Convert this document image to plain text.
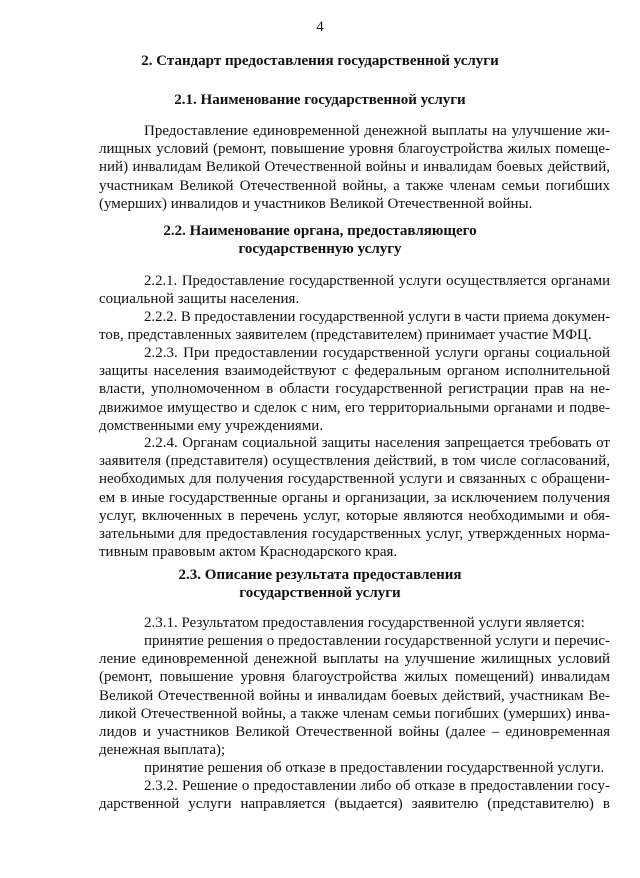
4
2. Стандарт предоставления государственной услуги
2.1. Наименование государственной услуги
Предоставление единовременной денежной выплаты на улучшение жи-
лищных условий (ремонт, повышение уровня благоустройства жилых помеще-
ний) инвалидам Великой Отечественной войны и инвалидам боевых действий,
участникам Великой Отечественной войны, а также членам семьи погибших
(умерших) инвалидов и участников Великой Отечественной войны.
2.2. Наименование органа, предоставляющего
государственную услугу
2.2.1. Предоставление государственной услуги осуществляется органами
социальной защиты населения.
2.2.2. В предоставлении государственной услуги в части приема докумен-
тов, представленных заявителем (представителем) принимает участие МФЦ.
2.2.3. При предоставлении государственной услуги органы социальной
защиты населения взаимодействуют с федеральным органом исполнительной
власти, уполномоченном в области государственной регистрации прав на не-
движимое имущество и сделок с ним, его территориальными органами и подве-
домственными ему учреждениями.
2.2.4. Органам социальной защиты населения запрещается требовать от
заявителя (представителя) осуществления действий, в том числе согласований,
необходимых для получения государственной услуги и связанных с обращени-
ем в иные государственные органы и организации, за исключением получения
услуг, включенных в перечень услуг, которые являются необходимыми и обя-
зательными для предоставления государственных услуг, утвержденных норма-
тивным правовым актом Краснодарского края.
2.3. Описание результата предоставления
государственной услуги
2.3.1. Результатом предоставления государственной услуги является:
принятие решения о предоставлении государственной услуги и перечис-
ление единовременной денежной выплаты на улучшение жилищных условий
(ремонт, повышение уровня благоустройства жилых помещений) инвалидам
Великой Отечественной войны и инвалидам боевых действий, участникам Ве-
ликой Отечественной войны, а также членам семьи погибших (умерших) инва-
лидов и участников Великой Отечественной войны (далее – единовременная
денежная выплата);
принятие решения об отказе в предоставлении государственной услуги.
2.3.2. Решение о предоставлении либо об отказе в предоставлении госу-
дарственной услуги направляется (выдается) заявителю (представителю) в
